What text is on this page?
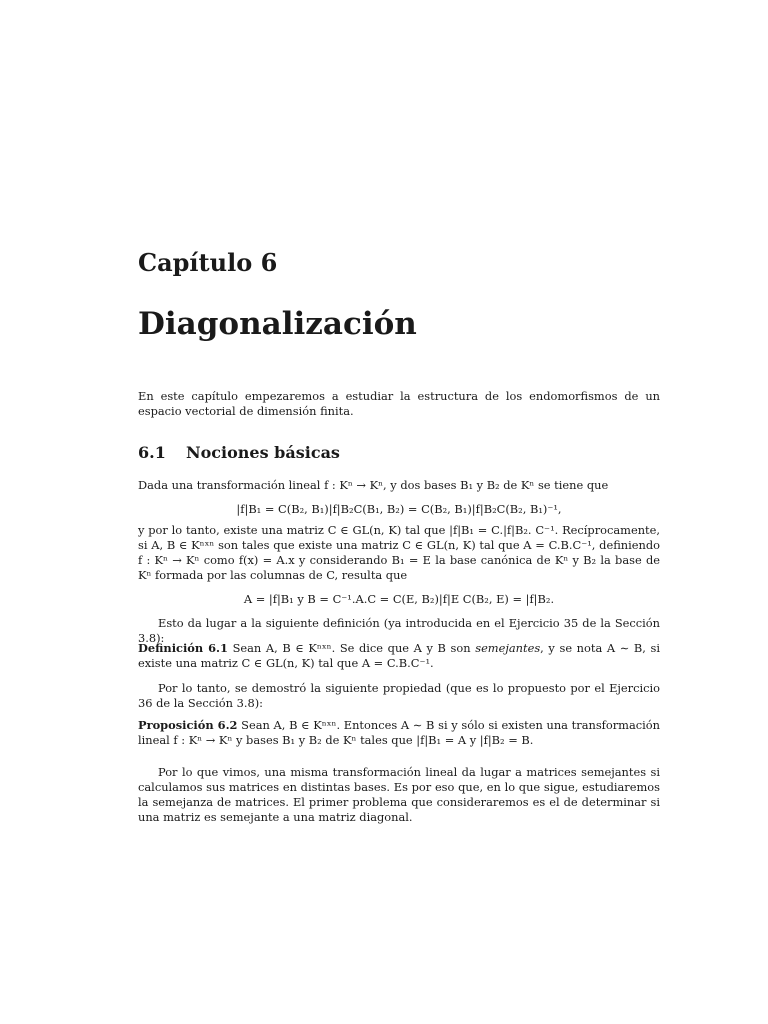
Capítulo 6
Diagonalización
En este capítulo empezaremos a estudiar la estructura de los endomorfismos de un espacio vectorial de dimensión finita.
6.1 Nociones básicas
Dada una transformación lineal f : Kⁿ → Kⁿ, y dos bases B₁ y B₂ de Kⁿ se tiene que
|f|B₁ = C(B₂, B₁)|f|B₂C(B₁, B₂) = C(B₂, B₁)|f|B₂C(B₂, B₁)⁻¹,
y por lo tanto, existe una matriz C ∈ GL(n, K) tal que |f|B₁ = C.|f|B₂. C⁻¹. Recíprocamente, si A, B ∈ Kⁿˣⁿ son tales que existe una matriz C ∈ GL(n, K) tal que A = C.B.C⁻¹, definiendo f : Kⁿ → Kⁿ como f(x) = A.x y considerando B₁ = E la base canónica de Kⁿ y B₂ la base de Kⁿ formada por las columnas de C, resulta que
A = |f|B₁ y B = C⁻¹.A.C = C(E, B₂)|f|E C(B₂, E) = |f|B₂.
Esto da lugar a la siguiente definición (ya introducida en el Ejercicio 35 de la Sección 3.8):
Definición 6.1 Sean A, B ∈ Kⁿˣⁿ. Se dice que A y B son semejantes, y se nota A ∼ B, si existe una matriz C ∈ GL(n, K) tal que A = C.B.C⁻¹.
Por lo tanto, se demostró la siguiente propiedad (que es lo propuesto por el Ejercicio 36 de la Sección 3.8):
Proposición 6.2 Sean A, B ∈ Kⁿˣⁿ. Entonces A ∼ B si y sólo si existen una transformación lineal f : Kⁿ → Kⁿ y bases B₁ y B₂ de Kⁿ tales que |f|B₁ = A y |f|B₂ = B.
Por lo que vimos, una misma transformación lineal da lugar a matrices semejantes si calculamos sus matrices en distintas bases. Es por eso que, en lo que sigue, estudiaremos la semejanza de matrices. El primer problema que consideraremos es el de determinar si una matriz es semejante a una matriz diagonal.
